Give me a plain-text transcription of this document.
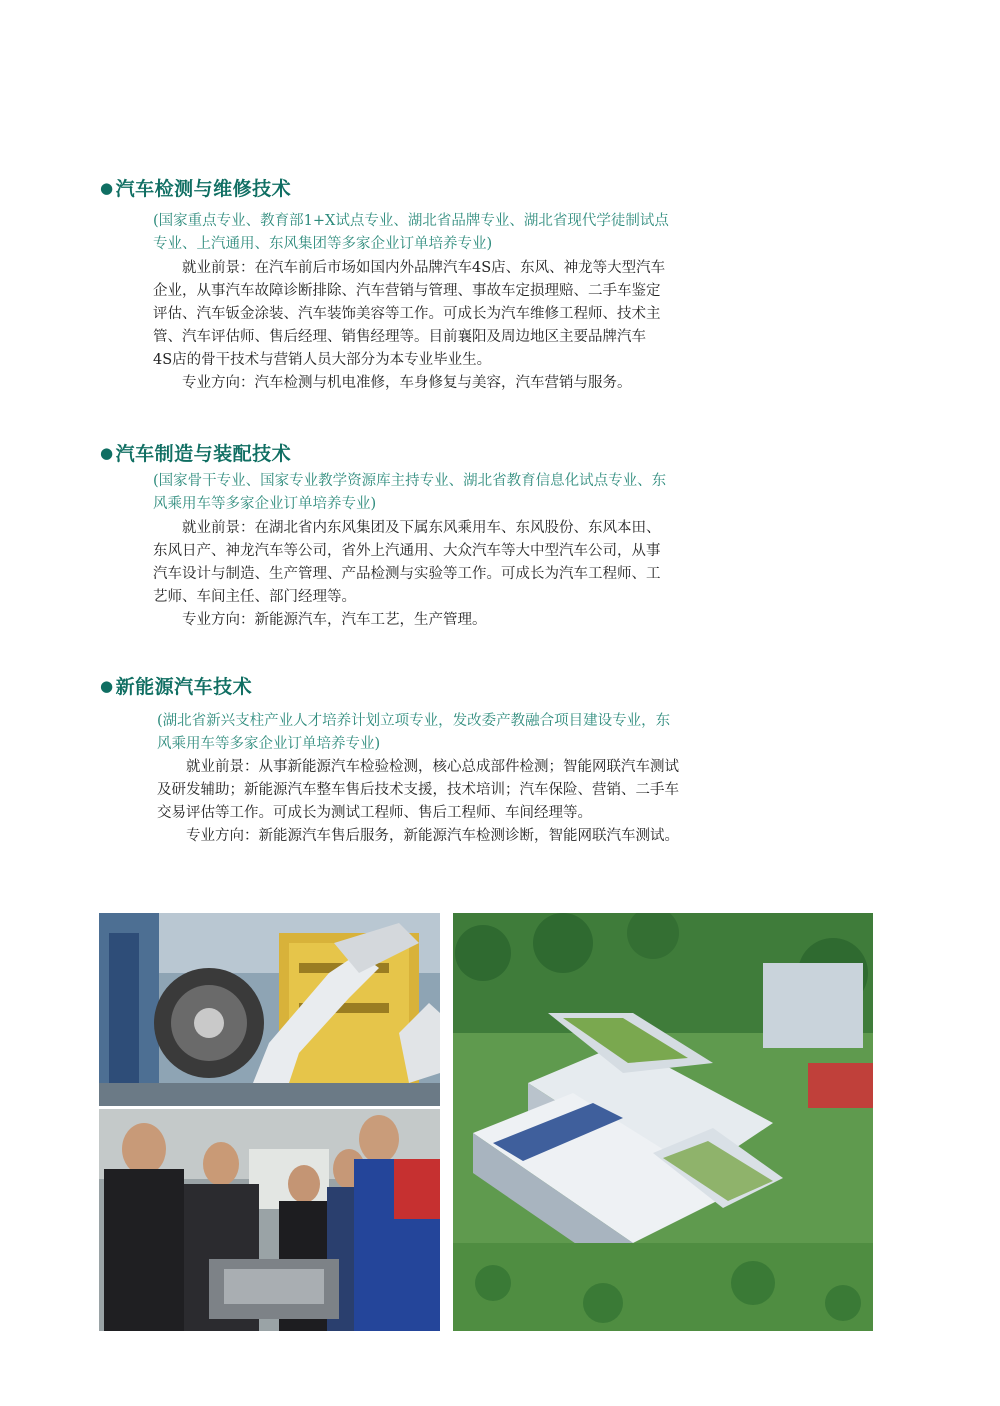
● 汽车检测与维修技术
(国家重点专业、教育部1+X试点专业、湖北省品牌专业、湖北省现代学徒制试点
专业、上汽通用、东风集团等多家企业订单培养专业)
　　就业前景：在汽车前后市场如国内外品牌汽车4S店、东风、神龙等大型汽车
企业，从事汽车故障诊断排除、汽车营销与管理、事故车定损理赔、二手车鉴定
评估、汽车钣金涂装、汽车装饰美容等工作。可成长为汽车维修工程师、技术主
管、汽车评估师、售后经理、销售经理等。目前襄阳及周边地区主要品牌汽车
4S店的骨干技术与营销人员大部分为本专业毕业生。
　　专业方向：汽车检测与机电准修，车身修复与美容，汽车营销与服务。
● 汽车制造与装配技术
(国家骨干专业、国家专业教学资源库主持专业、湖北省教育信息化试点专业、东
风乘用车等多家企业订单培养专业)
　　就业前景：在湖北省内东风集团及下属东风乘用车、东风股份、东风本田、
东风日产、神龙汽车等公司，省外上汽通用、大众汽车等大中型汽车公司，从事
汽车设计与制造、生产管理、产品检测与实验等工作。可成长为汽车工程师、工
艺师、车间主任、部门经理等。
　　专业方向：新能源汽车，汽车工艺，生产管理。
● 新能源汽车技术
(湖北省新兴支柱产业人才培养计划立项专业，发改委产教融合项目建设专业，东
风乘用车等多家企业订单培养专业)
　　就业前景：从事新能源汽车检验检测，核心总成部件检测；智能网联汽车测试
及研发辅助；新能源汽车整车售后技术支援，技术培训；汽车保险、营销、二手车
交易评估等工作。可成长为测试工程师、售后工程师、车间经理等。
　　专业方向：新能源汽车售后服务，新能源汽车检测诊断，智能网联汽车测试。
